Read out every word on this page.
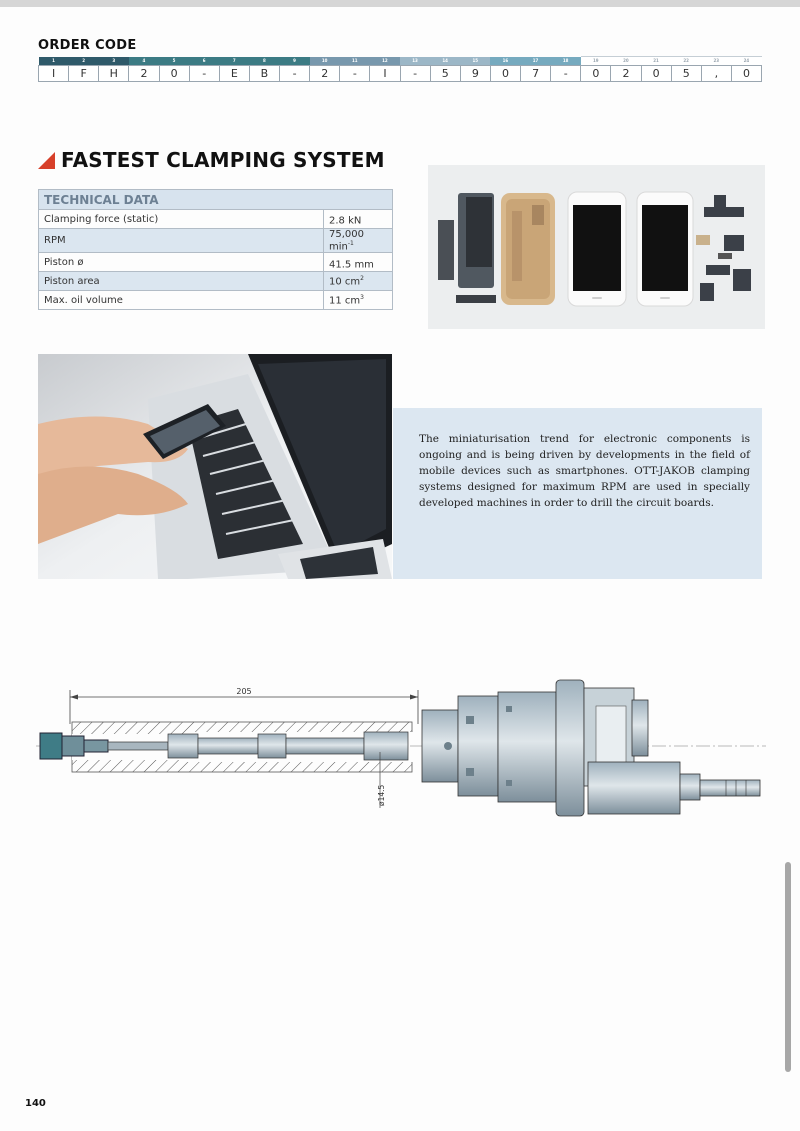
ORDER CODE
1	2	3	4	5	6	7	8	9	10	11	12	13	14	15	16	17	18	19	20	21	22	23	24
I	F	H	2	0	-	E	B	-	2	-	I	-	5	9	0	7	-	0	2	0	5	,	0
FASTEST CLAMPING SYSTEM
TECHNICAL DATA	
Clamping force (static)	2.8 kN
RPM	75,000 $\min^{-1}$
Piston ø	41.5 mm
Piston area	10 $cm^2$
Max. oil volume	11 $cm^3$

The miniaturisation trend for electronic components is ongoing and is being driven by developments in the field of mobile devices such as smartphones. OTT-JAKOB clamping systems designed for maximum RPM are used in specially developed machines in order to drill the circuit boards.

205
ø14.5
140
